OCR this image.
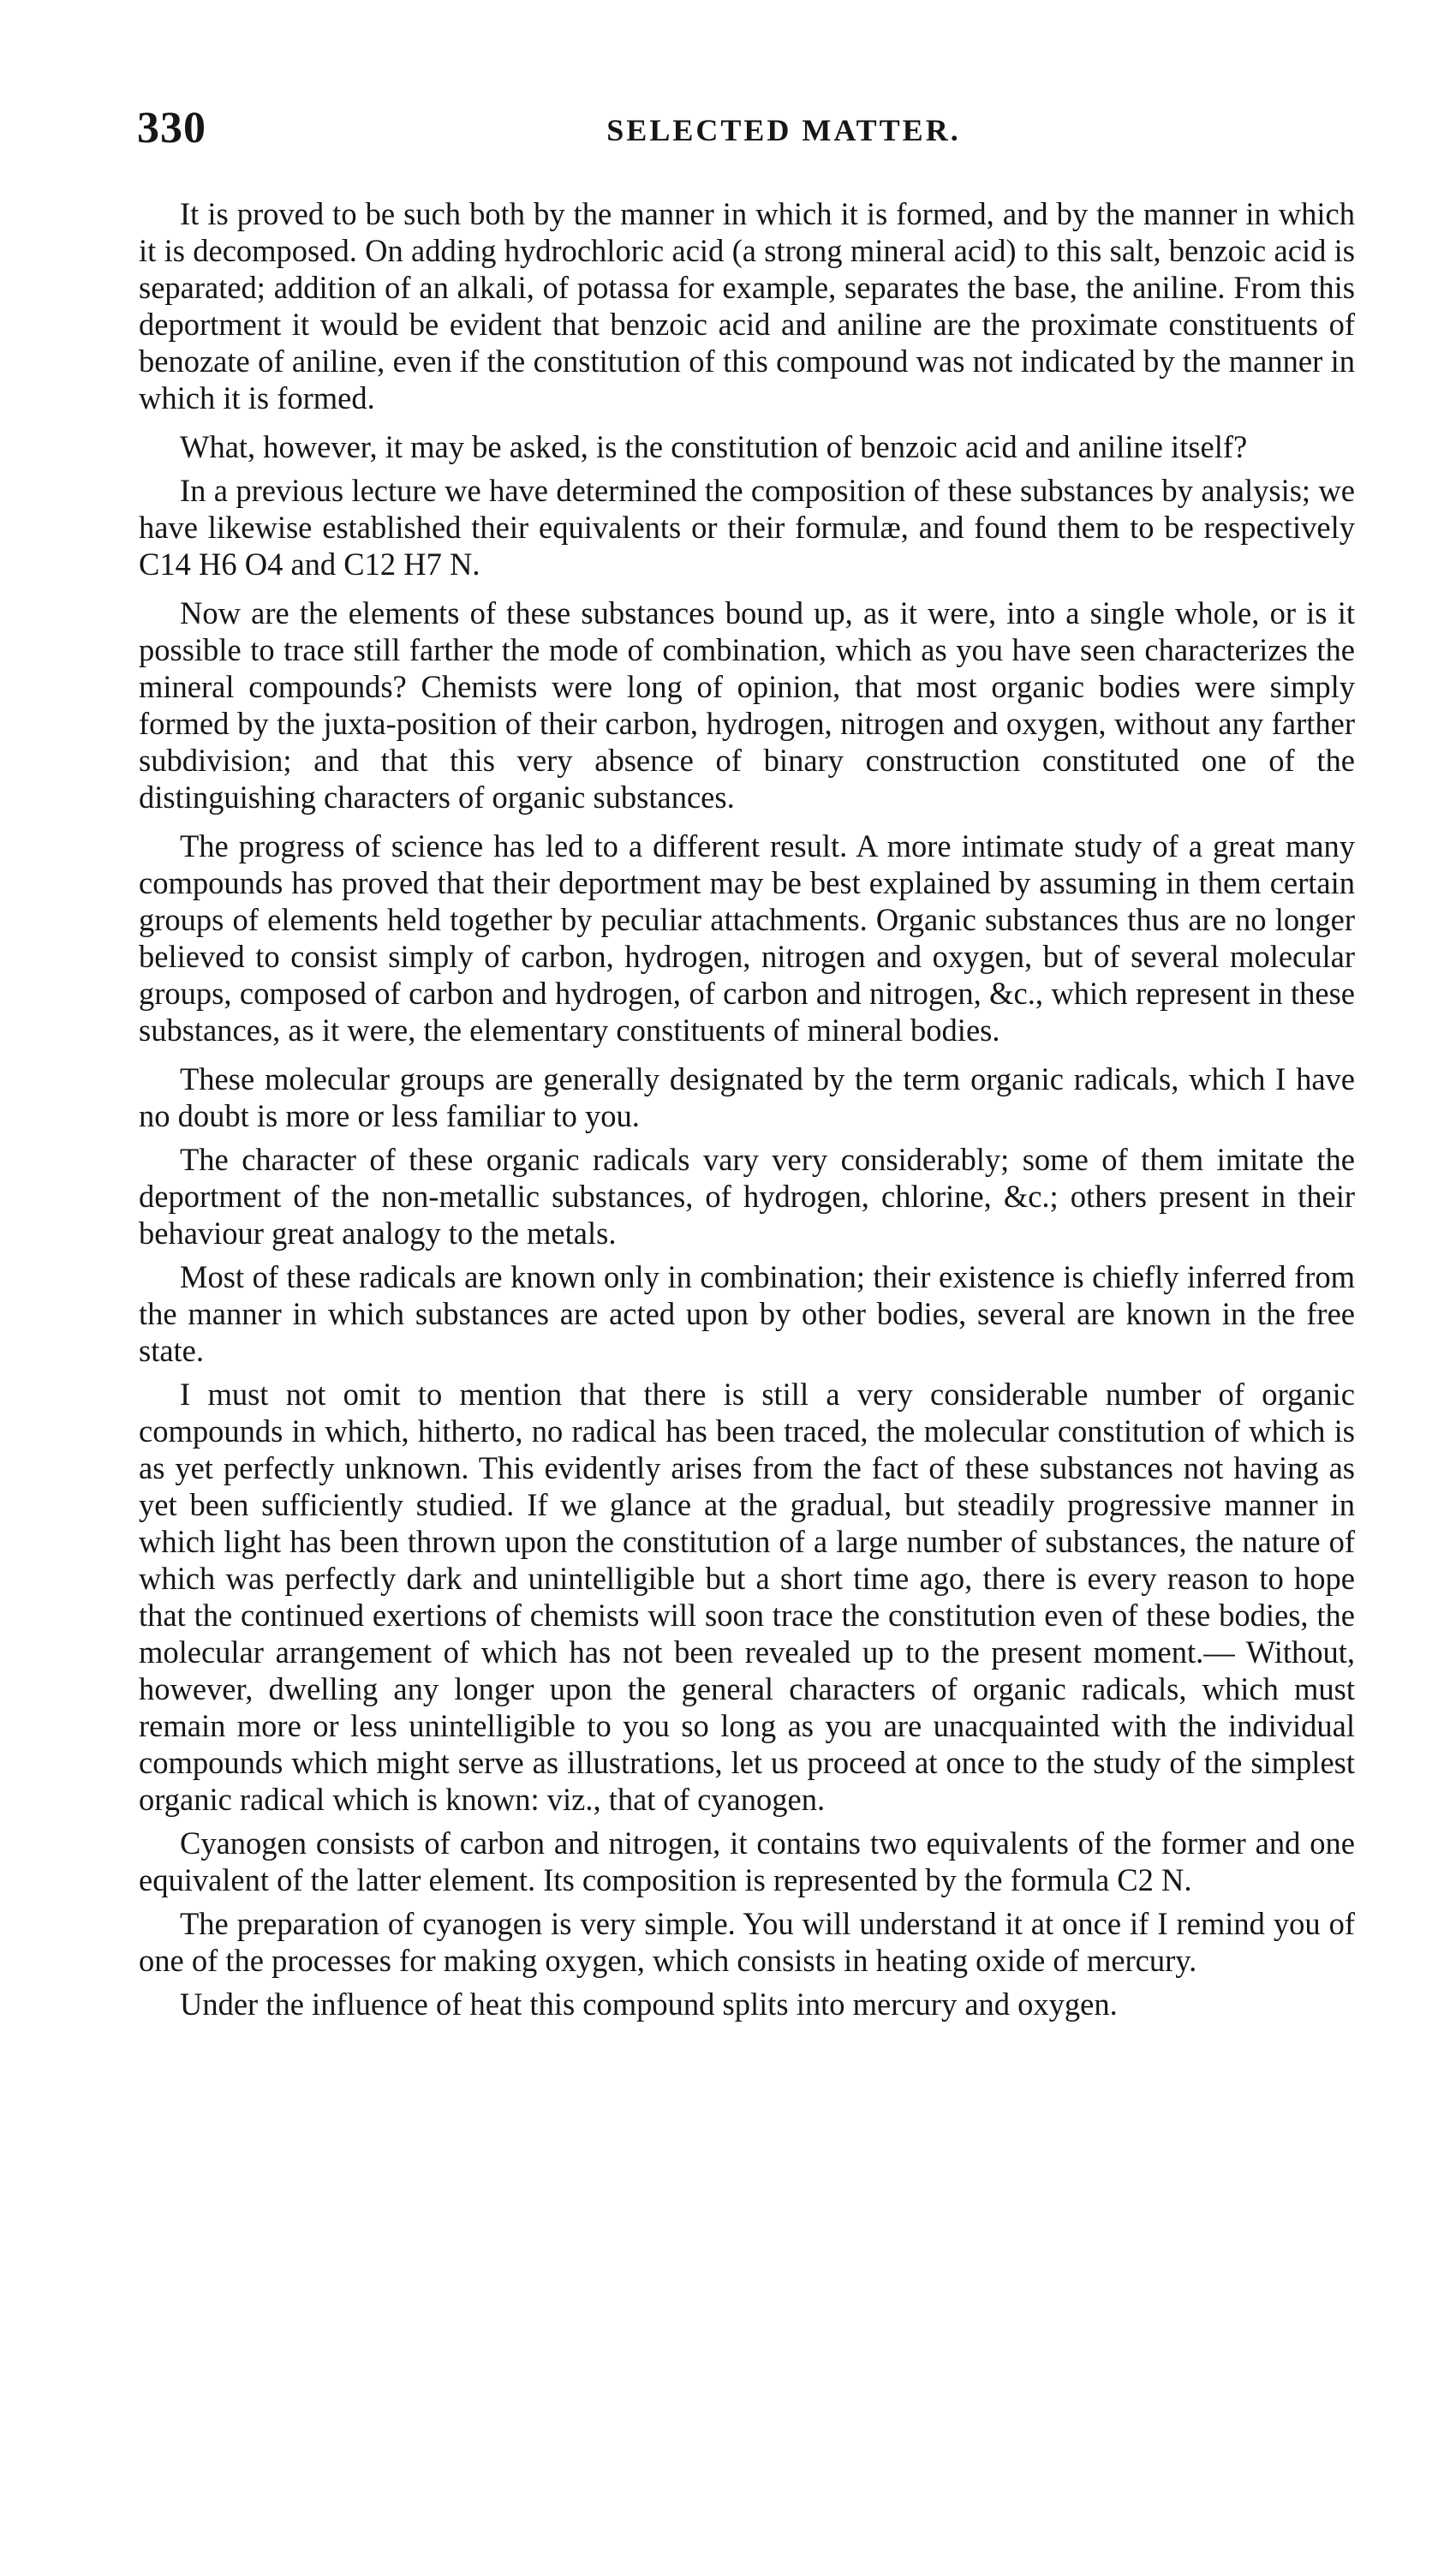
330	SELECTED MATTER.

It is proved to be such both by the manner in which it is formed, and by the manner in which it is decomposed. On adding hydrochloric acid (a strong mineral acid) to this salt, benzoic acid is separated; addition of an alkali, of potassa for example, separates the base, the aniline. From this deportment it would be evident that benzoic acid and aniline are the proximate constituents of benozate of aniline, even if the constitution of this compound was not indicated by the manner in which it is formed.

What, however, it may be asked, is the constitution of benzoic acid and aniline itself?

In a previous lecture we have determined the composition of these substances by analysis; we have likewise established their equivalents or their formulæ, and found them to be respectively C14 H6 O4 and C12 H7 N.

Now are the elements of these substances bound up, as it were, into a single whole, or is it possible to trace still farther the mode of combination, which as you have seen characterizes the mineral compounds? Chemists were long of opinion, that most organic bodies were simply formed by the juxta-position of their carbon, hydrogen, nitrogen and oxygen, without any farther subdivision; and that this very absence of binary construction constituted one of the distinguishing characters of organic substances.

The progress of science has led to a different result. A more intimate study of a great many compounds has proved that their deportment may be best explained by assuming in them certain groups of elements held together by peculiar attachments. Organic substances thus are no longer believed to consist simply of carbon, hydrogen, nitrogen and oxygen, but of several molecular groups, composed of carbon and hydrogen, of carbon and nitrogen, &c., which represent in these substances, as it were, the elementary constituents of mineral bodies.

These molecular groups are generally designated by the term organic radicals, which I have no doubt is more or less familiar to you.

The character of these organic radicals vary very considerably; some of them imitate the deportment of the non-metallic substances, of hydrogen, chlorine, &c.; others present in their behaviour great analogy to the metals.

Most of these radicals are known only in combination; their existence is chiefly inferred from the manner in which substances are acted upon by other bodies, several are known in the free state.

I must not omit to mention that there is still a very considerable number of organic compounds in which, hitherto, no radical has been traced, the molecular constitution of which is as yet perfectly unknown. This evidently arises from the fact of these substances not having as yet been sufficiently studied. If we glance at the gradual, but steadily progressive manner in which light has been thrown upon the constitution of a large number of substances, the nature of which was perfectly dark and unintelligible but a short time ago, there is every reason to hope that the continued exertions of chemists will soon trace the constitution even of these bodies, the molecular arrangement of which has not been revealed up to the present moment.— Without, however, dwelling any longer upon the general characters of organic radicals, which must remain more or less unintelligible to you so long as you are unacquainted with the individual compounds which might serve as illustrations, let us proceed at once to the study of the simplest organic radical which is known: viz., that of cyanogen.

Cyanogen consists of carbon and nitrogen, it contains two equivalents of the former and one equivalent of the latter element. Its composition is represented by the formula C2 N.

The preparation of cyanogen is very simple. You will understand it at once if I remind you of one of the processes for making oxygen, which consists in heating oxide of mercury.

Under the influence of heat this compound splits into mercury and oxygen.
